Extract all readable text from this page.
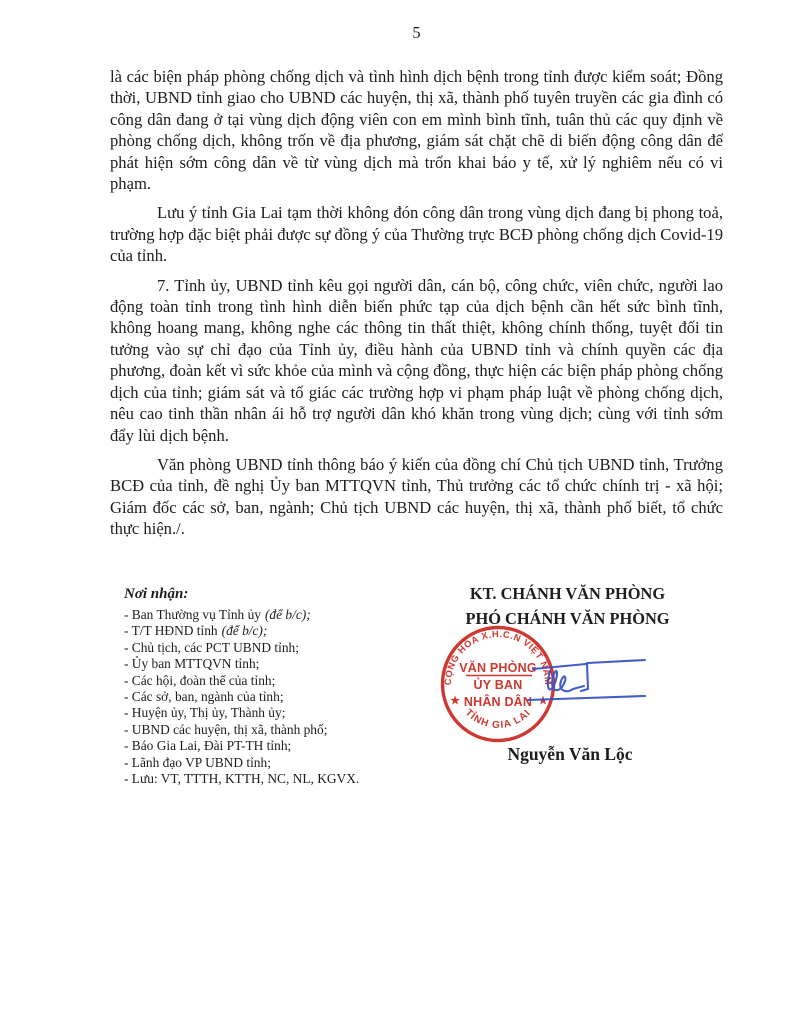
5

là các biện pháp phòng chống dịch và tình hình dịch bệnh trong tỉnh được kiểm soát; Đồng thời, UBND tỉnh giao cho UBND các huyện, thị xã, thành phố tuyên truyền các gia đình có công dân đang ở tại vùng dịch động viên con em mình bình tĩnh, tuân thủ các quy định về phòng chống dịch, không trốn về địa phương, giám sát chặt chẽ di biến động công dân để phát hiện sớm công dân về từ vùng dịch mà trốn khai báo y tế, xử lý nghiêm nếu có vi phạm.

Lưu ý tỉnh Gia Lai tạm thời không đón công dân trong vùng dịch đang bị phong toả, trường hợp đặc biệt phải được sự đồng ý của Thường trực BCĐ phòng chống dịch Covid-19 của tỉnh.

7. Tỉnh ủy, UBND tỉnh kêu gọi người dân, cán bộ, công chức, viên chức, người lao động toàn tỉnh trong tình hình diễn biến phức tạp của dịch bệnh cần hết sức bình tĩnh, không hoang mang, không nghe các thông tin thất thiệt, không chính thống, tuyệt đối tin tưởng vào sự chỉ đạo của Tỉnh ủy, điều hành của UBND tỉnh và chính quyền các địa phương, đoàn kết vì sức khỏe của mình và cộng đồng, thực hiện các biện pháp phòng chống dịch của tỉnh; giám sát và tố giác các trường hợp vi phạm pháp luật về phòng chống dịch, nêu cao tinh thần nhân ái hỗ trợ người dân khó khăn trong vùng dịch; cùng với tỉnh sớm đẩy lùi dịch bệnh.

Văn phòng UBND tỉnh thông báo ý kiến của đồng chí Chủ tịch UBND tỉnh, Trưởng BCĐ của tỉnh, đề nghị Ủy ban MTTQVN tỉnh, Thủ trưởng các tổ chức chính trị - xã hội; Giám đốc các sở, ban, ngành; Chủ tịch UBND các huyện, thị xã, thành phố biết, tổ chức thực hiện./.

Nơi nhận:
- Ban Thường vụ Tỉnh ủy (để b/c);
- T/T HĐND tỉnh (để b/c);
- Chủ tịch, các PCT UBND tỉnh;
- Ủy ban MTTQVN tỉnh;
- Các hội, đoàn thể của tỉnh;
- Các sở, ban, ngành của tỉnh;
- Huyện ủy, Thị ủy, Thành ủy;
- UBND các huyện, thị xã, thành phố;
- Báo Gia Lai, Đài PT-TH tỉnh;
- Lãnh đạo VP UBND tỉnh;
- Lưu: VT, TTTH, KTTH, NC, NL, KGVX.
KT. CHÁNH VĂN PHÒNG
PHÓ CHÁNH VĂN PHÒNG
CỘNG HÒA X.H.C.N VIỆT NAM
TỈNH GIA LAI
★	★
VĂN PHÒNG
ỦY BAN
NHÂN DÂN
Nguyễn Văn Lộc
